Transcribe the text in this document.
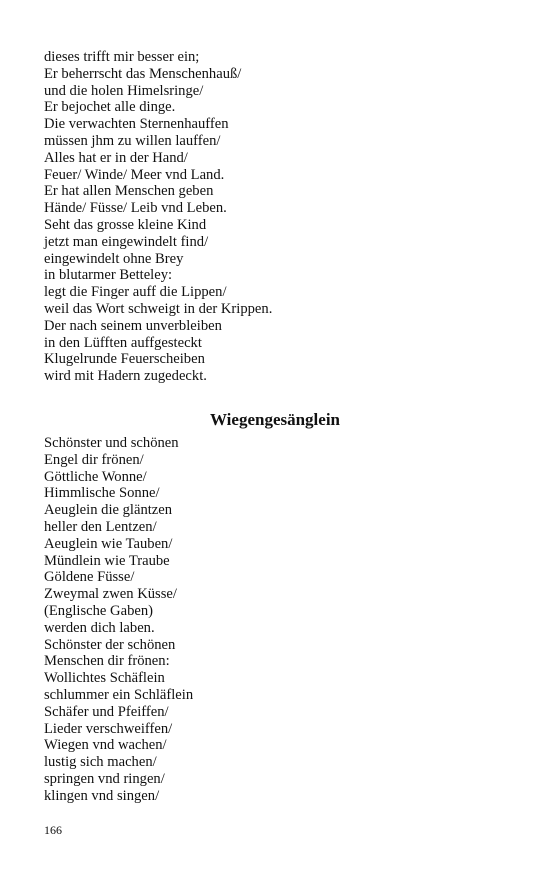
dieses trifft mir besser ein;
Er beherrscht das Menschenhauß/
und die holen Himelsringe/
Er bejochet alle dinge.
Die verwachten Sternenhauffen
müssen jhm zu willen lauffen/
Alles hat er in der Hand/
Feuer/ Winde/ Meer vnd Land.
Er hat allen Menschen geben
Hände/ Füsse/ Leib vnd Leben.
Seht das grosse kleine Kind
jetzt man eingewindelt find/
eingewindelt ohne Brey
in blutarmer Betteley:
legt die Finger auff die Lippen/
weil das Wort schweigt in der Krippen.
Der nach seinem unverbleiben
in den Lüfften auffgesteckt
Klugelrunde Feuerscheiben
wird mit Hadern zugedeckt.
Wiegengesänglein
Schönster und schönen
Engel dir frönen/
Göttliche Wonne/
Himmlische Sonne/
Aeuglein die gläntzen
heller den Lentzen/
Aeuglein wie Tauben/
Mündlein wie Traube
Göldene Füsse/
Zweymal zwen Küsse/
(Englische Gaben)
werden dich laben.
Schönster der schönen
Menschen dir frönen:
Wollichtes Schäflein
schlummer ein Schläflein
Schäfer und Pfeiffen/
Lieder verschweiffen/
Wiegen vnd wachen/
lustig sich machen/
springen vnd ringen/
klingen vnd singen/
166
